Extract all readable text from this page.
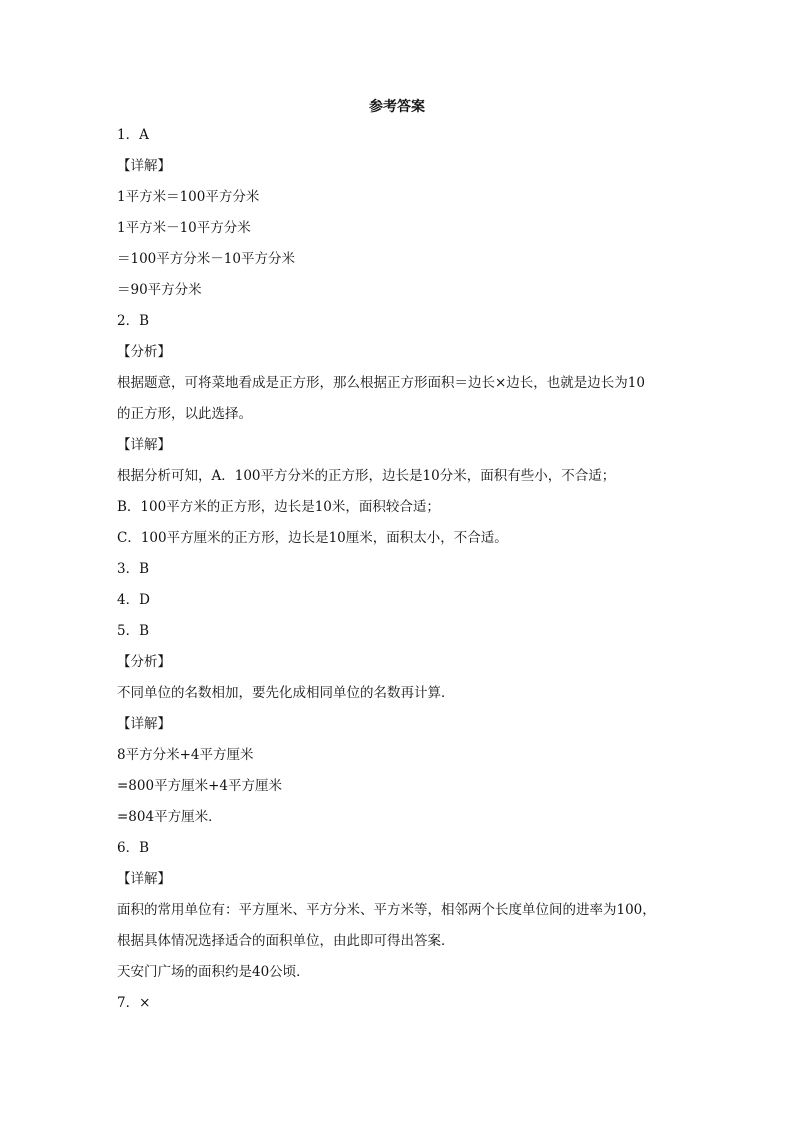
参考答案
1．A
【详解】
1平方米＝100平方分米
1平方米－10平方分米
＝100平方分米－10平方分米
＝90平方分米
2．B
【分析】
根据题意，可将菜地看成是正方形，那么根据正方形面积＝边长×边长，也就是边长为10
的正方形，以此选择。
【详解】
根据分析可知，A．100平方分米的正方形，边长是10分米，面积有些小，不合适；
B．100平方米的正方形，边长是10米，面积较合适；
C．100平方厘米的正方形，边长是10厘米，面积太小，不合适。
3．B
4．D
5．B
【分析】
不同单位的名数相加，要先化成相同单位的名数再计算．
【详解】
8平方分米+4平方厘米
=800平方厘米+4平方厘米
=804平方厘米．
6．B
【详解】
面积的常用单位有：平方厘米、平方分米、平方米等，相邻两个长度单位间的进率为100，
根据具体情况选择适合的面积单位，由此即可得出答案．
天安门广场的面积约是40公顷．
7．×
